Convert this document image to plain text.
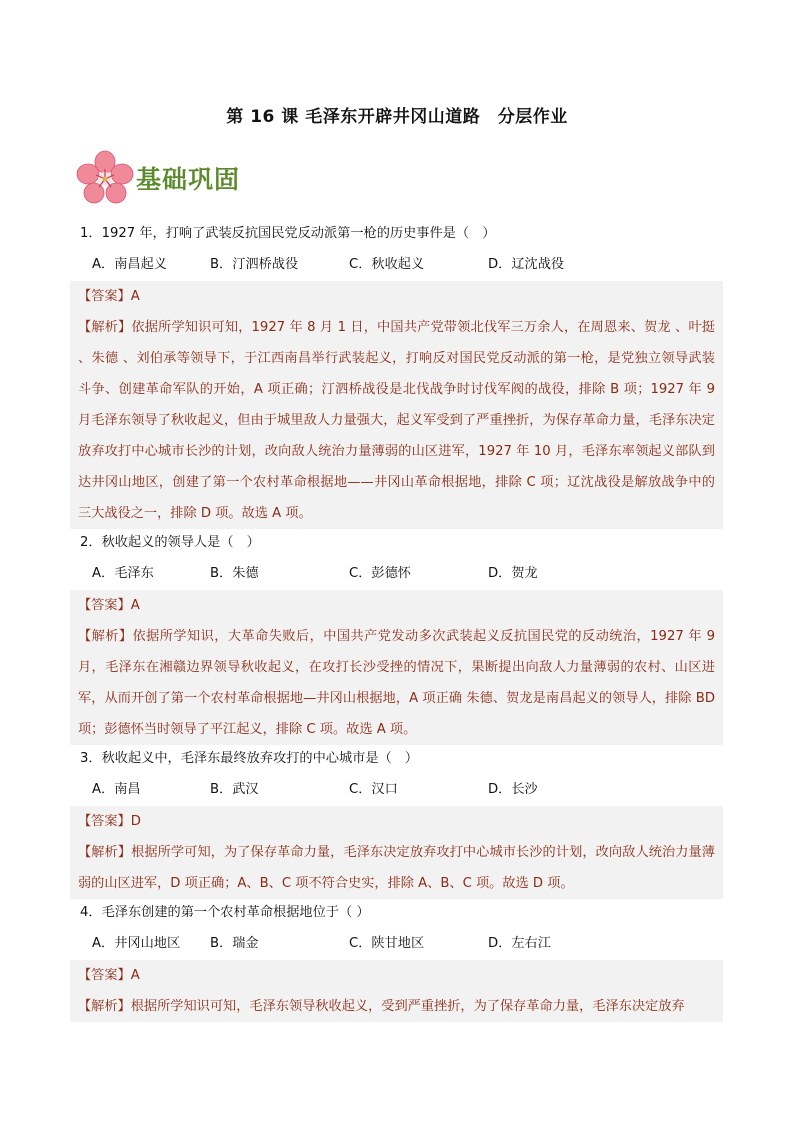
第 16 课 毛泽东开辟井冈山道路　分层作业
基础巩固
1．1927 年，打响了武装反抗国民党反动派第一枪的历史事件是（　）
A．南昌起义	B．汀泗桥战役	C．秋收起义	D．辽沈战役
【答案】A
【解析】依据所学知识可知，1927 年 8 月 1 日，中国共产党带领北伐军三万余人，在周恩来、贺龙 、叶挺 、朱德 、刘伯承等领导下，于江西南昌举行武装起义，打响反对国民党反动派的第一枪，是党独立领导武装斗争、创建革命军队的开始，A 项正确；汀泗桥战役是北伐战争时讨伐军阀的战役，排除 B 项；1927 年 9 月毛泽东领导了秋收起义，但由于城里敌人力量强大，起义军受到了严重挫折，为保存革命力量，毛泽东决定放弃攻打中心城市长沙的计划，改向敌人统治力量薄弱的山区进军，1927 年 10 月，毛泽东率领起义部队到达井冈山地区，创建了第一个农村革命根据地——井冈山革命根据地，排除 C 项；辽沈战役是解放战争中的三大战役之一，排除 D 项。故选 A 项。
2．秋收起义的领导人是（　）
A．毛泽东	B．朱德	C．彭德怀	D．贺龙
【答案】A
【解析】依据所学知识，大革命失败后，中国共产党发动多次武装起义反抗国民党的反动统治，1927 年 9 月，毛泽东在湘赣边界领导秋收起义，在攻打长沙受挫的情况下，果断提出向敌人力量薄弱的农村、山区进军，从而开创了第一个农村革命根据地—井冈山根据地，A 项正确 朱德、贺龙是南昌起义的领导人，排除 BD 项；彭德怀当时领导了平江起义，排除 C 项。故选 A 项。
3．秋收起义中，毛泽东最终放弃攻打的中心城市是（　）
A．南昌	B．武汉	C．汉口	D．长沙
【答案】D
【解析】根据所学可知，为了保存革命力量，毛泽东决定放弃攻打中心城市长沙的计划，改向敌人统治力量薄弱的山区进军，D 项正确；A、B、C 项不符合史实，排除 A、B、C 项。故选 D 项。
4．毛泽东创建的第一个农村革命根据地位于（ ）
A．井冈山地区	B．瑞金	C．陕甘地区	D．左右江
【答案】A
【解析】根据所学知识可知，毛泽东领导秋收起义，受到严重挫折，为了保存革命力量，毛泽东决定放弃
